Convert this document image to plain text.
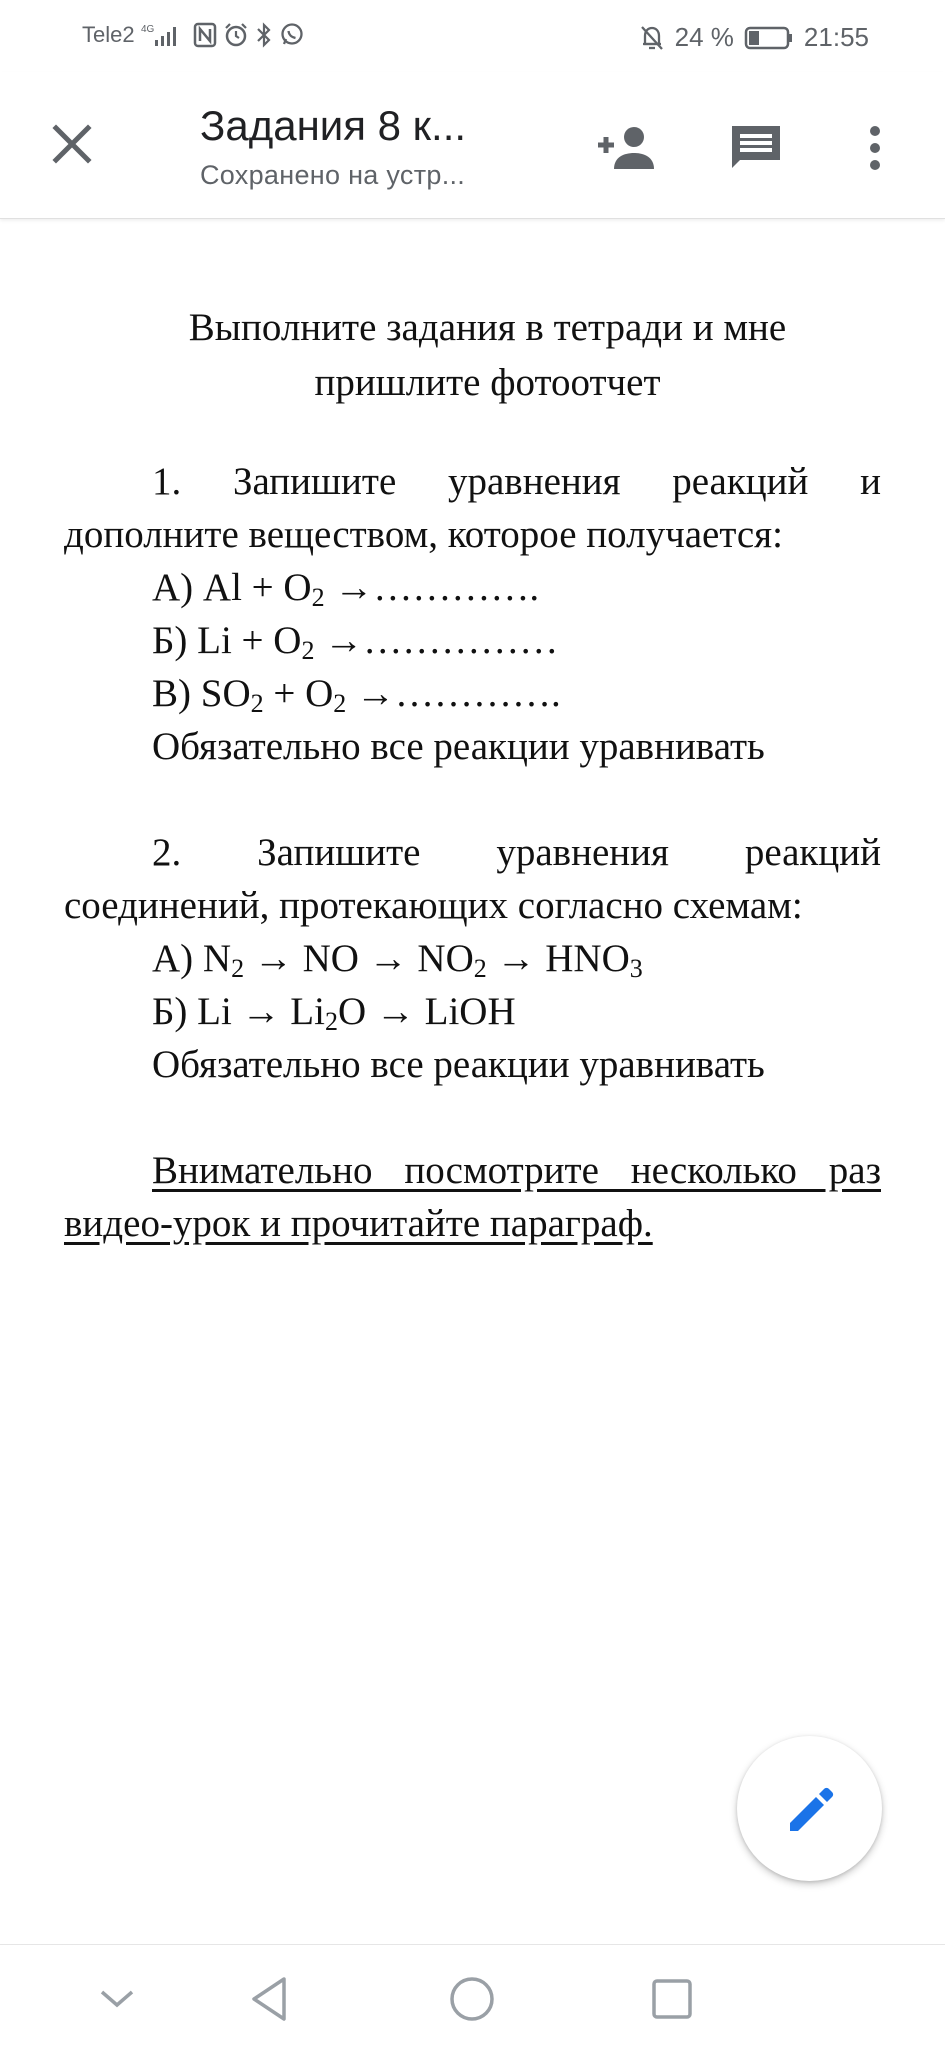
Tele2 4G	24 %	21:55
Задания 8 к...
Сохранено на устр...
Выполните задания в тетради и мне
пришлите фотоотчет

1. Запишите уравнения реакций и дополните веществом, которое получается:

А) $Al + O_2$ →………….

Б) $Li + O_2$ →……………

В) $SO_2 + O_2$ →………….

Обязательно все реакции уравнивать

2. Запишите уравнения реакций соединений, протекающих согласно схемам:

А) $N_2$ → NO → $NO_2 \to HNO_3$

Б) $Li \to Li_2O$ → LiOH

Обязательно все реакции уравнивать

Внимательно посмотрите несколько раз видео-урок и прочитайте параграф.
